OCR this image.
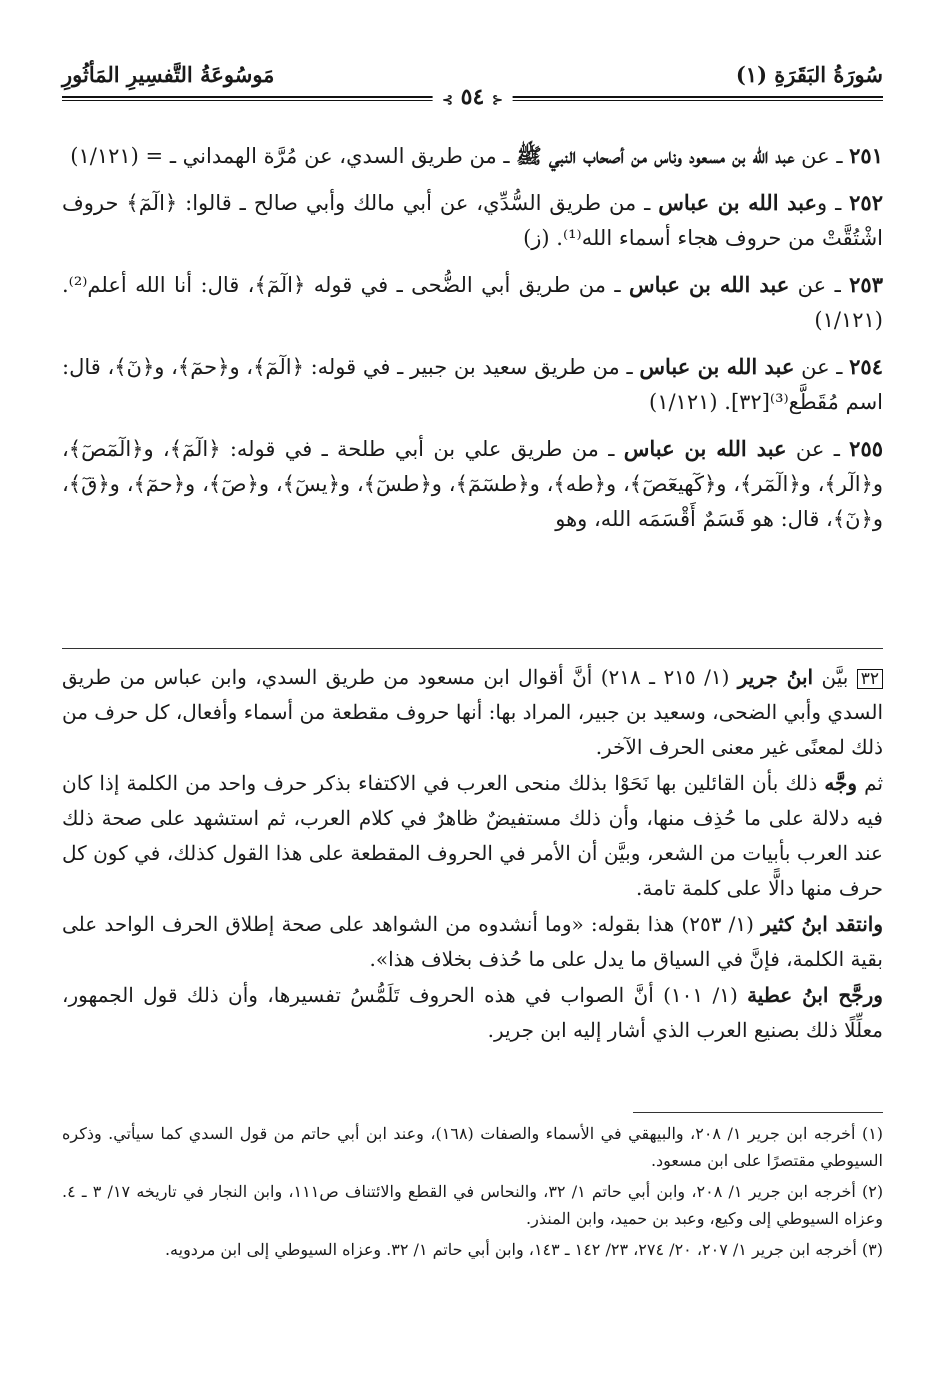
سُورَةُ البَقَرَةِ (١)
مَوسُوعَةُ التَّفسِيرِ المَأثُورِ
⊰ ٥٤ ⊱
٢٥١ ـ عن عبد الله بن مسعود وناس من أصحاب النبي ﷺ ـ من طريق السدي، عن مُرَّة الهمداني ـ = (١/١٢١)
٢٥٢ ـ وعبد الله بن عباس ـ من طريق السُّدِّي، عن أبي مالك وأبي صالح ـ قالوا: ﴿الٓمٓ﴾ حروف اشْتُقَّتْ من حروف هجاء أسماء الله⁽¹⁾. (ز)
٢٥٣ ـ عن عبد الله بن عباس ـ من طريق أبي الضُّحى ـ في قوله ﴿الٓمٓ﴾، قال: أنا الله أعلم⁽²⁾. (١/١٢١)
٢٥٤ ـ عن عبد الله بن عباس ـ من طريق سعيد بن جبير ـ في قوله: ﴿الٓمٓ﴾، و﴿حمٓ﴾، و﴿نٓ﴾، قال: اسم مُقَطَّع⁽³⁾[٣٢]. (١/١٢١)
٢٥٥ ـ عن عبد الله بن عباس ـ من طريق علي بن أبي طلحة ـ في قوله: ﴿الٓمٓ﴾، و﴿الٓمٓصٓ﴾، و﴿الٓر﴾، و﴿الٓمٓر﴾، و﴿كٓهيعٓصٓ﴾، و﴿طه﴾، و﴿طسٓمٓ﴾، و﴿طسٓ﴾، و﴿يسٓ﴾، و﴿صٓ﴾، و﴿حمٓ﴾، و﴿قٓ﴾، و﴿نٓ﴾، قال: هو قَسَمٌ أَقْسَمَه الله، وهو

٣٢ بيَّن ابنُ جرير (١/ ٢١٥ ـ ٢١٨) أنَّ أقوال ابن مسعود من طريق السدي، وابن عباس من طريق السدي وأبي الضحى، وسعيد بن جبير، المراد بها: أنها حروف مقطعة من أسماء وأفعال، كل حرف من ذلك لمعنًى غير معنى الحرف الآخر.

ثم وجَّه ذلك بأن القائلين بها نَحَوْا بذلك منحى العرب في الاكتفاء بذكر حرف واحد من الكلمة إذا كان فيه دلالة على ما حُذِف منها، وأن ذلك مستفيضٌ ظاهرٌ في كلام العرب، ثم استشهد على صحة ذلك عند العرب بأبيات من الشعر، وبيَّن أن الأمر في الحروف المقطعة على هذا القول كذلك، في كون كل حرف منها دالًّا على كلمة تامة.

وانتقد ابنُ كثير (١/ ٢٥٣) هذا بقوله: «وما أنشدوه من الشواهد على صحة إطلاق الحرف الواحد على بقية الكلمة، فإنَّ في السياق ما يدل على ما حُذف بخلاف هذا».

ورجَّح ابنُ عطية (١/ ١٠١) أنَّ الصواب في هذه الحروف تَلَمُّسُ تفسيرها، وأن ذلك قول الجمهور، معلِّلًا ذلك بصنيع العرب الذي أشار إليه ابن جرير.

(١) أخرجه ابن جرير ١/ ٢٠٨، والبيهقي في الأسماء والصفات (١٦٨)، وعند ابن أبي حاتم من قول السدي كما سيأتي. وذكره السيوطي مقتصرًا على ابن مسعود.

(٢) أخرجه ابن جرير ١/ ٢٠٨، وابن أبي حاتم ١/ ٣٢، والنحاس في القطع والائتناف ص١١١، وابن النجار في تاريخه ١٧/ ٣ ـ ٤. وعزاه السيوطي إلى وكيع، وعبد بن حميد، وابن المنذر.

(٣) أخرجه ابن جرير ١/ ٢٠٧، ٢٠/ ٢٧٤، ٢٣/ ١٤٢ ـ ١٤٣، وابن أبي حاتم ١/ ٣٢. وعزاه السيوطي إلى ابن مردويه.
